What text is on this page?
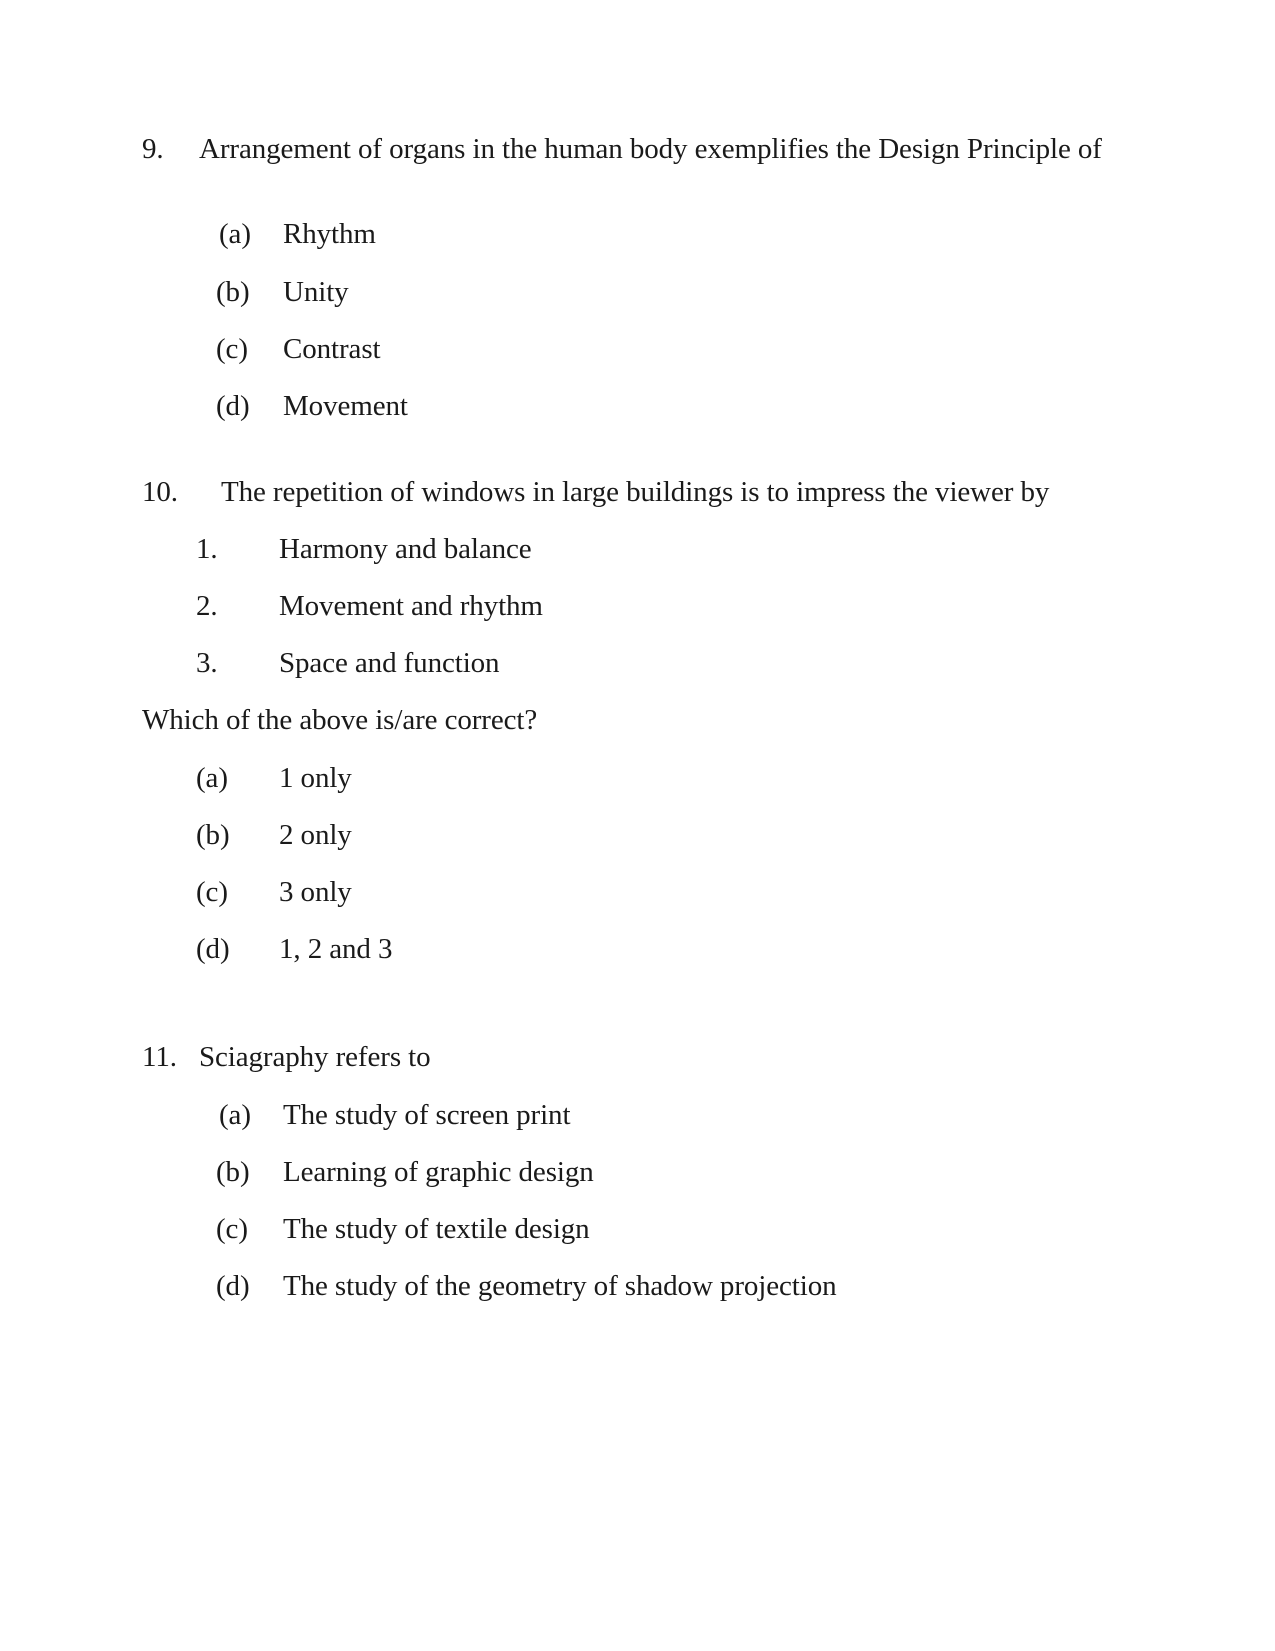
9.	Arrangement of organs in the human body exemplifies the Design Principle of
(a)	Rhythm
(b)	Unity
(c)	Contrast
(d)	Movement
10.	The repetition of windows in large buildings is to impress the viewer by
1.	Harmony and balance
2.	Movement and rhythm
3.	Space and function
Which of the above is/are correct?
(a)	1 only
(b)	2 only
(c)	3 only
(d)	1, 2 and 3
11. Sciagraphy refers to
(a)	The study of screen print
(b)	Learning of graphic design
(c)	The study of textile design
(d)	The study of the geometry of shadow projection
